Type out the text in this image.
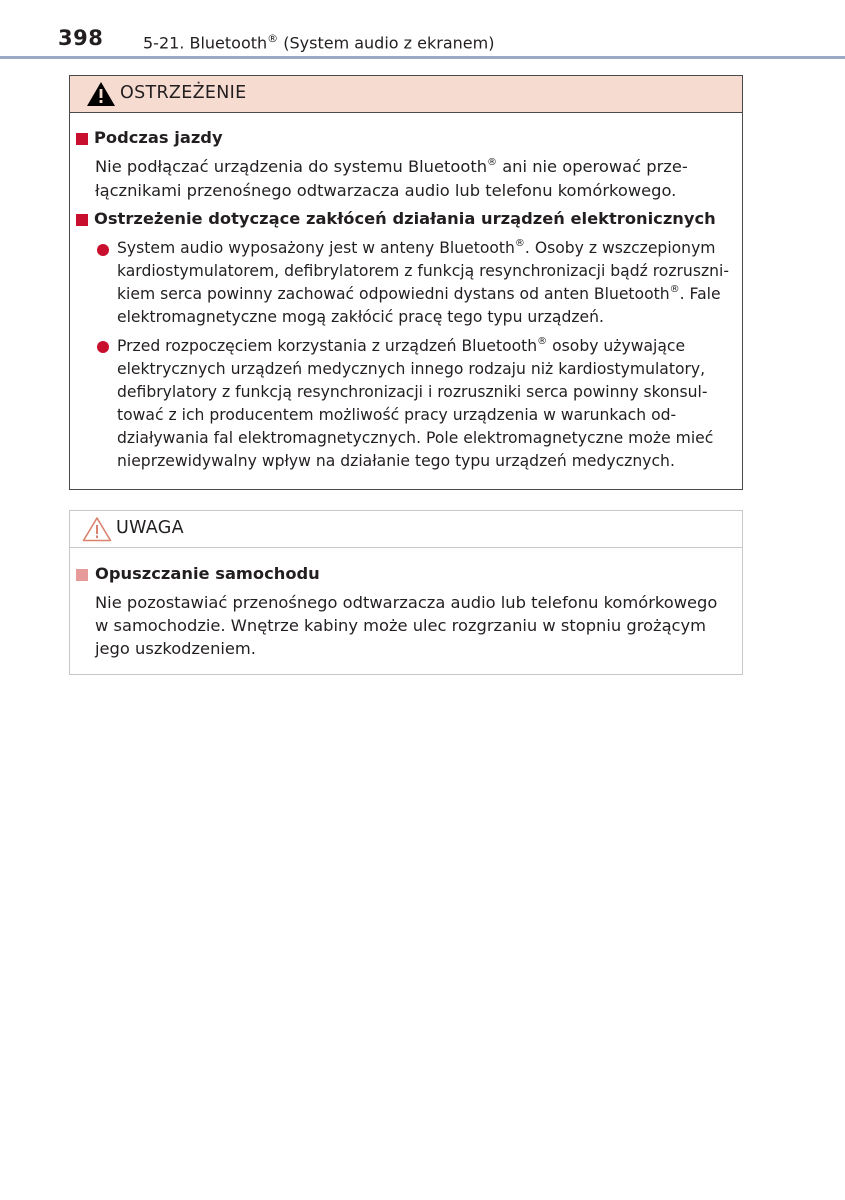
398 5-21. Bluetooth® (System audio z ekranem)
OSTRZEŻENIE
Podczas jazdy
Nie podłączać urządzenia do systemu Bluetooth® ani nie operować prze-
łącznikami przenośnego odtwarzacza audio lub telefonu komórkowego.
Ostrzeżenie dotyczące zakłóceń działania urządzeń elektronicznych
System audio wyposażony jest w anteny Bluetooth®. Osoby z wszczepionym
kardiostymulatorem, defibrylatorem z funkcją resynchronizacji bądź rozruszni-
kiem serca powinny zachować odpowiedni dystans od anten Bluetooth®. Fale
elektromagnetyczne mogą zakłócić pracę tego typu urządzeń.
Przed rozpoczęciem korzystania z urządzeń Bluetooth® osoby używające
elektrycznych urządzeń medycznych innego rodzaju niż kardiostymulatory,
defibrylatory z funkcją resynchronizacji i rozruszniki serca powinny skonsul-
tować z ich producentem możliwość pracy urządzenia w warunkach od-
działywania fal elektromagnetycznych. Pole elektromagnetyczne może mieć
nieprzewidywalny wpływ na działanie tego typu urządzeń medycznych.
UWAGA
Opuszczanie samochodu
Nie pozostawiać przenośnego odtwarzacza audio lub telefonu komórkowego
w samochodzie. Wnętrze kabiny może ulec rozgrzaniu w stopniu grożącym
jego uszkodzeniem.
